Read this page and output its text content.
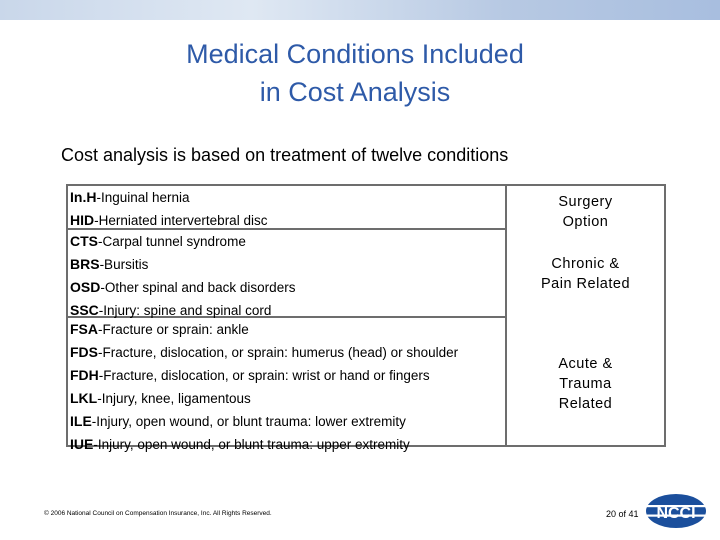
Medical Conditions Included
in Cost Analysis
Cost analysis is based on treatment of twelve conditions
In.H-Inguinal hernia
HID-Herniated intervertebral disc
CTS-Carpal tunnel syndrome
BRS-Bursitis
OSD-Other spinal and back disorders
SSC-Injury: spine and spinal cord
FSA-Fracture or sprain: ankle
FDS-Fracture, dislocation, or sprain: humerus (head) or shoulder
FDH-Fracture, dislocation, or sprain: wrist or hand or fingers
LKL-Injury, knee, ligamentous
ILE-Injury, open wound, or blunt trauma: lower extremity
IUE-Injury, open wound, or blunt trauma: upper extremity
Surgery
Option
Chronic &
Pain Related
Acute &
Trauma
Related
© 2006 National Council on Compensation Insurance, Inc. All Rights Reserved.	20 of 41 NCCI
